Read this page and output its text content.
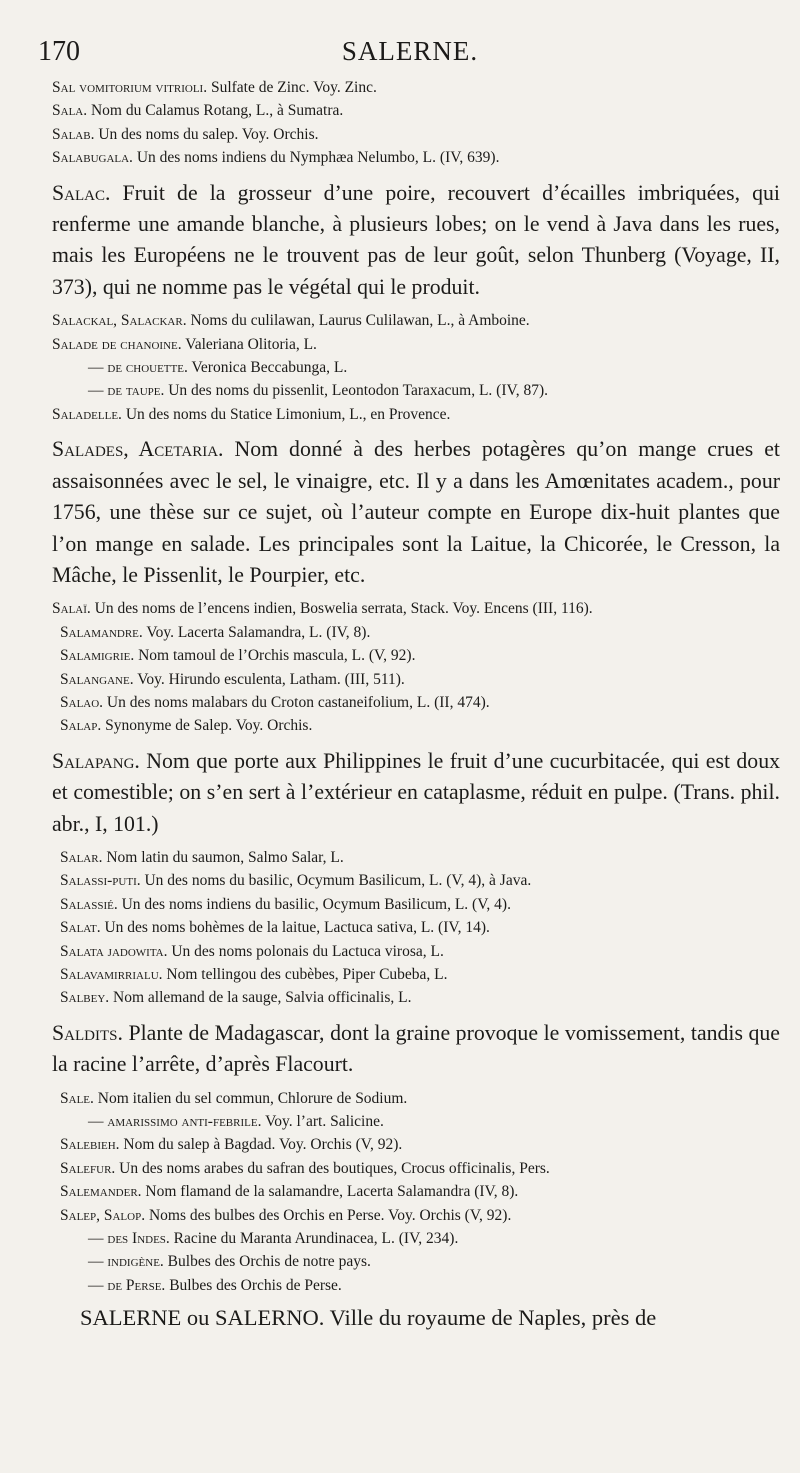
170	SALERNE.

Sal vomitorium vitrioli. Sulfate de Zinc. Voy. Zinc.

Sala. Nom du Calamus Rotang, L., à Sumatra.

Salab. Un des noms du salep. Voy. Orchis.

Salabugala. Un des noms indiens du Nymphæa Nelumbo, L. (IV, 639).

Salac. Fruit de la grosseur d’une poire, recouvert d’écailles imbriquées, qui renferme une amande blanche, à plusieurs lobes; on le vend à Java dans les rues, mais les Européens ne le trouvent pas de leur goût, selon Thunberg (Voyage, II, 373), qui ne nomme pas le végétal qui le produit.

Salackal, Salackar. Noms du culilawan, Laurus Culilawan, L., à Amboine.

Salade de chanoine. Valeriana Olitoria, L.

— de chouette. Veronica Beccabunga, L.

— de taupe. Un des noms du pissenlit, Leontodon Taraxacum, L. (IV, 87).

Saladelle. Un des noms du Statice Limonium, L., en Provence.

Salades, Acetaria. Nom donné à des herbes potagères qu’on mange crues et assaisonnées avec le sel, le vinaigre, etc. Il y a dans les Amœnitates academ., pour 1756, une thèse sur ce sujet, où l’auteur compte en Europe dix-huit plantes que l’on mange en salade. Les principales sont la Laitue, la Chicorée, le Cresson, la Mâche, le Pissenlit, le Pourpier, etc.

Salaï. Un des noms de l’encens indien, Boswelia serrata, Stack. Voy. Encens (III, 116).

Salamandre. Voy. Lacerta Salamandra, L. (IV, 8).

Salamigrie. Nom tamoul de l’Orchis mascula, L. (V, 92).

Salangane. Voy. Hirundo esculenta, Latham. (III, 511).

Salao. Un des noms malabars du Croton castaneifolium, L. (II, 474).

Salap. Synonyme de Salep. Voy. Orchis.

Salapang. Nom que porte aux Philippines le fruit d’une cucurbitacée, qui est doux et comestible; on s’en sert à l’extérieur en cataplasme, réduit en pulpe. (Trans. phil. abr., I, 101.)

Salar. Nom latin du saumon, Salmo Salar, L.

Salassi-puti. Un des noms du basilic, Ocymum Basilicum, L. (V, 4), à Java.

Salassié. Un des noms indiens du basilic, Ocymum Basilicum, L. (V, 4).

Salat. Un des noms bohèmes de la laitue, Lactuca sativa, L. (IV, 14).

Salata jadowita. Un des noms polonais du Lactuca virosa, L.

Salavamirrialu. Nom tellingou des cubèbes, Piper Cubeba, L.

Salbey. Nom allemand de la sauge, Salvia officinalis, L.

Saldits. Plante de Madagascar, dont la graine provoque le vomissement, tandis que la racine l’arrête, d’après Flacourt.

Sale. Nom italien du sel commun, Chlorure de Sodium.

— amarissimo anti-febrile. Voy. l’art. Salicine.

Salebieh. Nom du salep à Bagdad. Voy. Orchis (V, 92).

Salefur. Un des noms arabes du safran des boutiques, Crocus officinalis, Pers.

Salemander. Nom flamand de la salamandre, Lacerta Salamandra (IV, 8).

Salep, Salop. Noms des bulbes des Orchis en Perse. Voy. Orchis (V, 92).

— des Indes. Racine du Maranta Arundinacea, L. (IV, 234).

— indigène. Bulbes des Orchis de notre pays.

— de Perse. Bulbes des Orchis de Perse.

SALERNE ou SALERNO. Ville du royaume de Naples, près de
